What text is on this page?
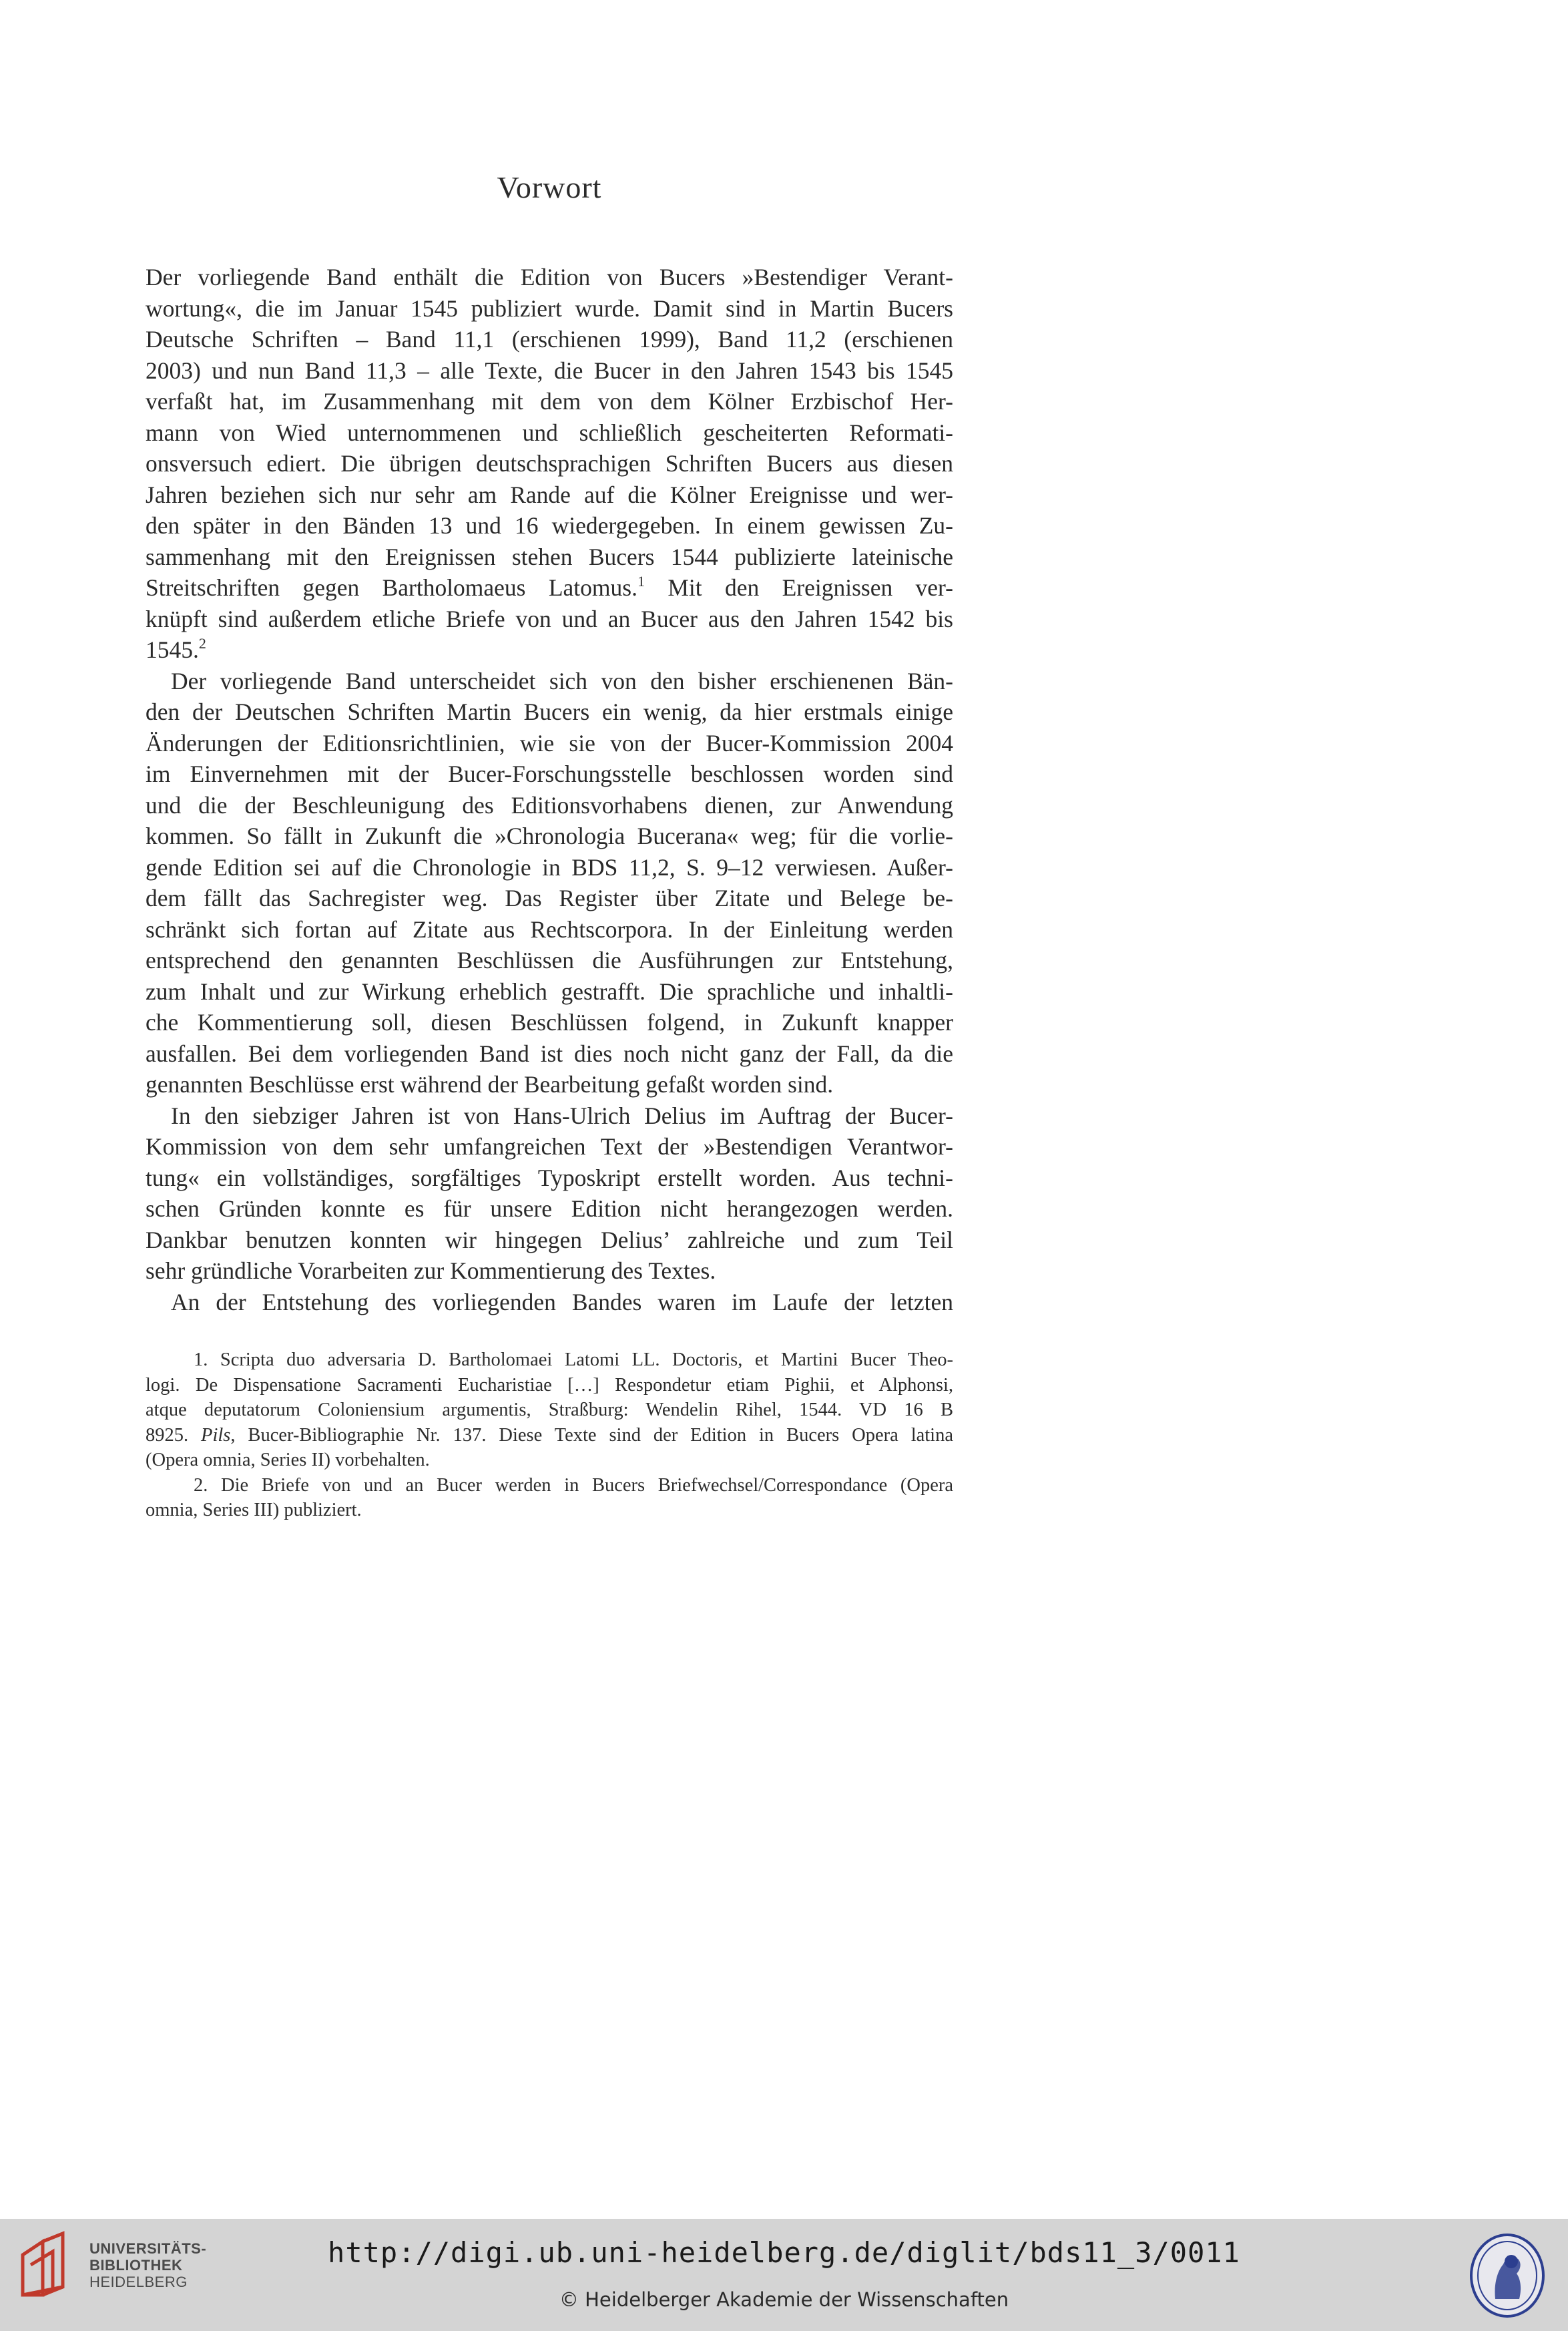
Vorwort

Der vorliegende Band enthält die Edition von Bucers »Bestendiger Verant-
wortung«, die im Januar 1545 publiziert wurde. Damit sind in Martin Bucers
Deutsche Schriften – Band 11,1 (erschienen 1999), Band 11,2 (erschienen
2003) und nun Band 11,3 – alle Texte, die Bucer in den Jahren 1543 bis 1545
verfaßt hat, im Zusammenhang mit dem von dem Kölner Erzbischof Her-
mann von Wied unternommenen und schließlich gescheiterten Reformati-
onsversuch ediert. Die übrigen deutschsprachigen Schriften Bucers aus diesen
Jahren beziehen sich nur sehr am Rande auf die Kölner Ereignisse und wer-
den später in den Bänden 13 und 16 wiedergegeben. In einem gewissen Zu-
sammenhang mit den Ereignissen stehen Bucers 1544 publizierte lateinische
Streitschriften gegen Bartholomaeus Latomus.$^1$ Mit den Ereignissen ver-
knüpft sind außerdem etliche Briefe von und an Bucer aus den Jahren 1542 bis
1545.$^2$

Der vorliegende Band unterscheidet sich von den bisher erschienenen Bän-
den der Deutschen Schriften Martin Bucers ein wenig, da hier erstmals einige
Änderungen der Editionsrichtlinien, wie sie von der Bucer-Kommission 2004
im Einvernehmen mit der Bucer-Forschungsstelle beschlossen worden sind
und die der Beschleunigung des Editionsvorhabens dienen, zur Anwendung
kommen. So fällt in Zukunft die »Chronologia Bucerana« weg; für die vorlie-
gende Edition sei auf die Chronologie in BDS 11,2, S. 9–12 verwiesen. Außer-
dem fällt das Sachregister weg. Das Register über Zitate und Belege be-
schränkt sich fortan auf Zitate aus Rechtscorpora. In der Einleitung werden
entsprechend den genannten Beschlüssen die Ausführungen zur Entstehung,
zum Inhalt und zur Wirkung erheblich gestrafft. Die sprachliche und inhaltli-
che Kommentierung soll, diesen Beschlüssen folgend, in Zukunft knapper
ausfallen. Bei dem vorliegenden Band ist dies noch nicht ganz der Fall, da die
genannten Beschlüsse erst während der Bearbeitung gefaßt worden sind.

In den siebziger Jahren ist von Hans-Ulrich Delius im Auftrag der Bucer-
Kommission von dem sehr umfangreichen Text der »Bestendigen Verantwor-
tung« ein vollständiges, sorgfältiges Typoskript erstellt worden. Aus techni-
schen Gründen konnte es für unsere Edition nicht herangezogen werden.
Dankbar benutzen konnten wir hingegen Delius’ zahlreiche und zum Teil
sehr gründliche Vorarbeiten zur Kommentierung des Textes.

An der Entstehung des vorliegenden Bandes waren im Laufe der letzten

1. Scripta duo adversaria D. Bartholomaei Latomi LL. Doctoris, et Martini Bucer Theo-
logi. De Dispensatione Sacramenti Eucharistiae […] Respondetur etiam Pighii, et Alphonsi,
atque deputatorum Coloniensium argumentis, Straßburg: Wendelin Rihel, 1544. VD 16 B
8925. Pils, Bucer-Bibliographie Nr. 137. Diese Texte sind der Edition in Bucers Opera latina
(Opera omnia, Series II) vorbehalten.

2. Die Briefe von und an Bucer werden in Bucers Briefwechsel/Correspondance (Opera
omnia, Series III) publiziert.

UNIVERSITÄTS-
BIBLIOTHEK
HEIDELBERG
http://digi.ub.uni-heidelberg.de/diglit/bds11_3/0011
© Heidelberger Akademie der Wissenschaften
